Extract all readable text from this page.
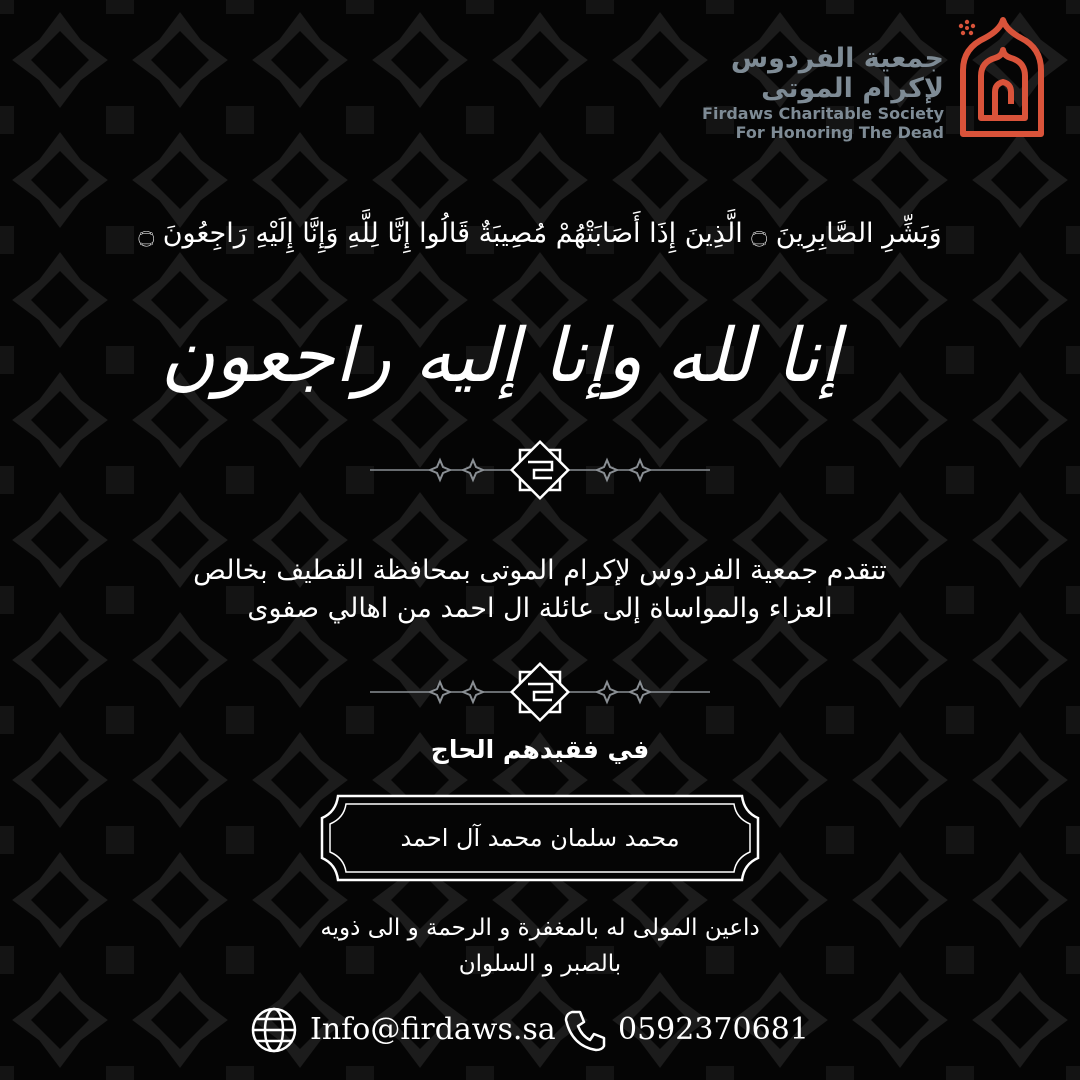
جمعية الفردوس
لإكرام الموتى
Firdaws Charitable Society
For Honoring The Dead
وَبَشِّرِ الصَّابِرِينَ ۝ الَّذِينَ إِذَا أَصَابَتْهُمْ مُصِيبَةٌ قَالُوا إِنَّا لِلَّهِ وَإِنَّا إِلَيْهِ رَاجِعُونَ ۝
إنا لله وإنا إليه راجعون
تتقدم جمعية الفردوس لإكرام الموتى بمحافظة القطيف بخالص
العزاء والمواساة إلى عائلة ال احمد من اهالي صفوى
في فقيدهم الحاج
محمد سلمان محمد آل احمد
داعين المولى له بالمغفرة و الرحمة و الى ذويه
بالصبر و السلوان
Info@firdaws.sa 0592370681
